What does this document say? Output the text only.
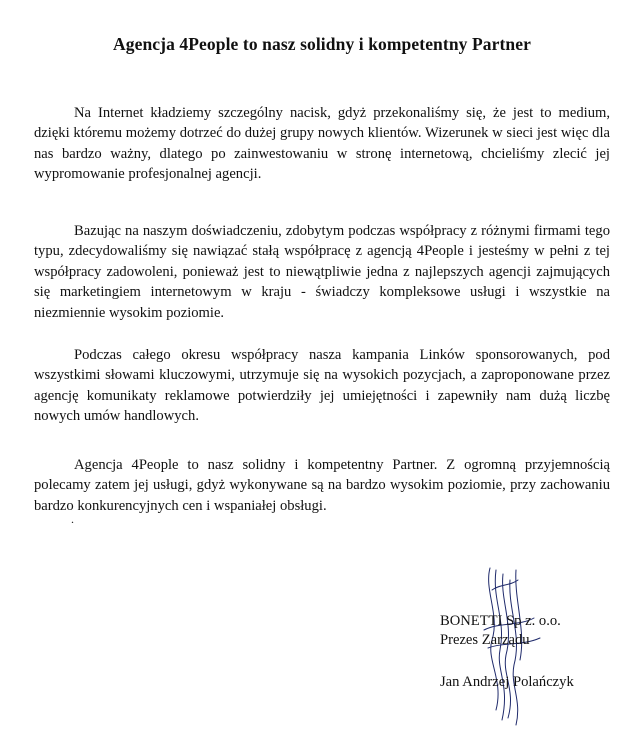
Agencja 4People to nasz solidny i kompetentny Partner

Na Internet kładziemy szczególny nacisk, gdyż przekonaliśmy się, że jest to medium, dzięki któremu możemy dotrzeć do dużej grupy nowych klientów. Wizerunek w sieci jest więc dla nas bardzo ważny, dlatego po zainwestowaniu w stronę internetową, chcieliśmy zlecić jej wypromowanie profesjonalnej agencji.

Bazując na naszym doświadczeniu, zdobytym podczas współpracy z różnymi firmami tego typu, zdecydowaliśmy się nawiązać stałą współpracę z agencją 4People i jesteśmy w pełni z tej współpracy zadowoleni, ponieważ jest to niewątpliwie jedna z najlepszych agencji zajmujących się marketingiem internetowym w kraju - świadczy kompleksowe usługi i wszystkie na niezmiennie wysokim poziomie.

Podczas całego okresu współpracy nasza kampania Linków sponsorowanych, pod wszystkimi słowami kluczowymi, utrzymuje się na wysokich pozycjach, a zaproponowane przez agencję komunikaty reklamowe potwierdziły jej umiejętności i zapewniły nam dużą liczbę nowych umów handlowych.

Agencja 4People to nasz solidny i kompetentny Partner. Z ogromną przyjemnością polecamy zatem jej usługi, gdyż wykonywane są na bardzo wysokim poziomie, przy zachowaniu bardzo konkurencyjnych cen i wspaniałej obsługi.

.
BONETTI Sp z. o.o.
Prezes Zarządu
Jan Andrzej Polańczyk
